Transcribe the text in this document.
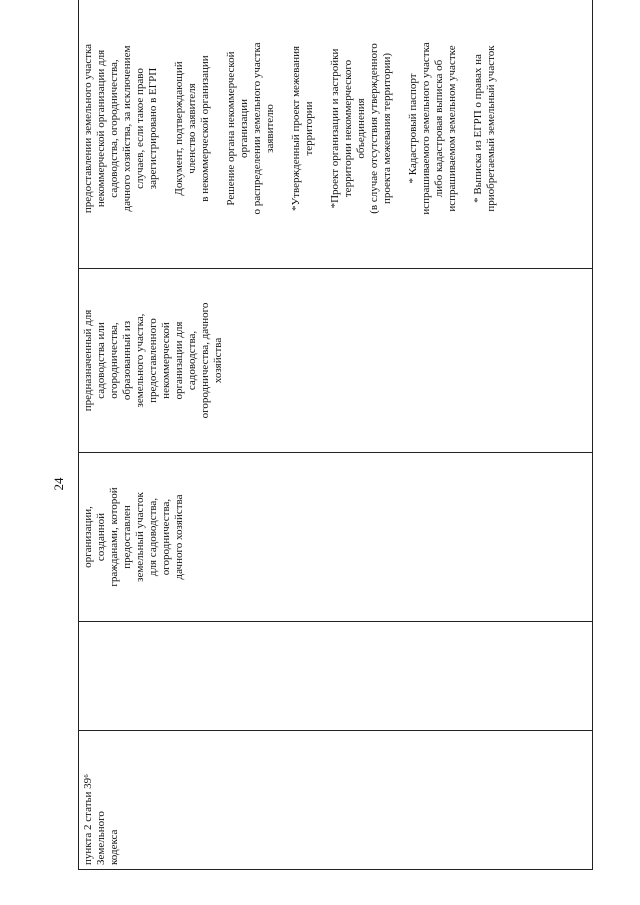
24
пункта 2 статьи 39⁶ Земельного кодекса

организации, созданной гражданами, которой предоставлен земельный участок для садоводства, огородничества, дачного хозяйства

предназначенный для садоводства или огородничества, образованный из земельного участка, предоставленного некоммерческой организации для садоводства, огородничества, дачного хозяйства

предоставлении земельного участка некоммерческой организации для садоводства, огородничества, дачного хозяйства, за исключением случаев, если такое право зарегистрировано в ЕГРП Документ, подтверждающий членство заявителя в некоммерческой организации Решение органа некоммерческой организации о распределении земельного участка заявителю *Утвержденный проект межевания территории *Проект организации и застройки территории некоммерческого объединения (в случае отсутствия утвержденного проекта межевания территории) * Кадастровый паспорт испрашиваемого земельного участка либо кадастровая выписка об испрашиваемом земельном участке * Выписка из ЕГРП о правах на приобретаемый земельный участок
